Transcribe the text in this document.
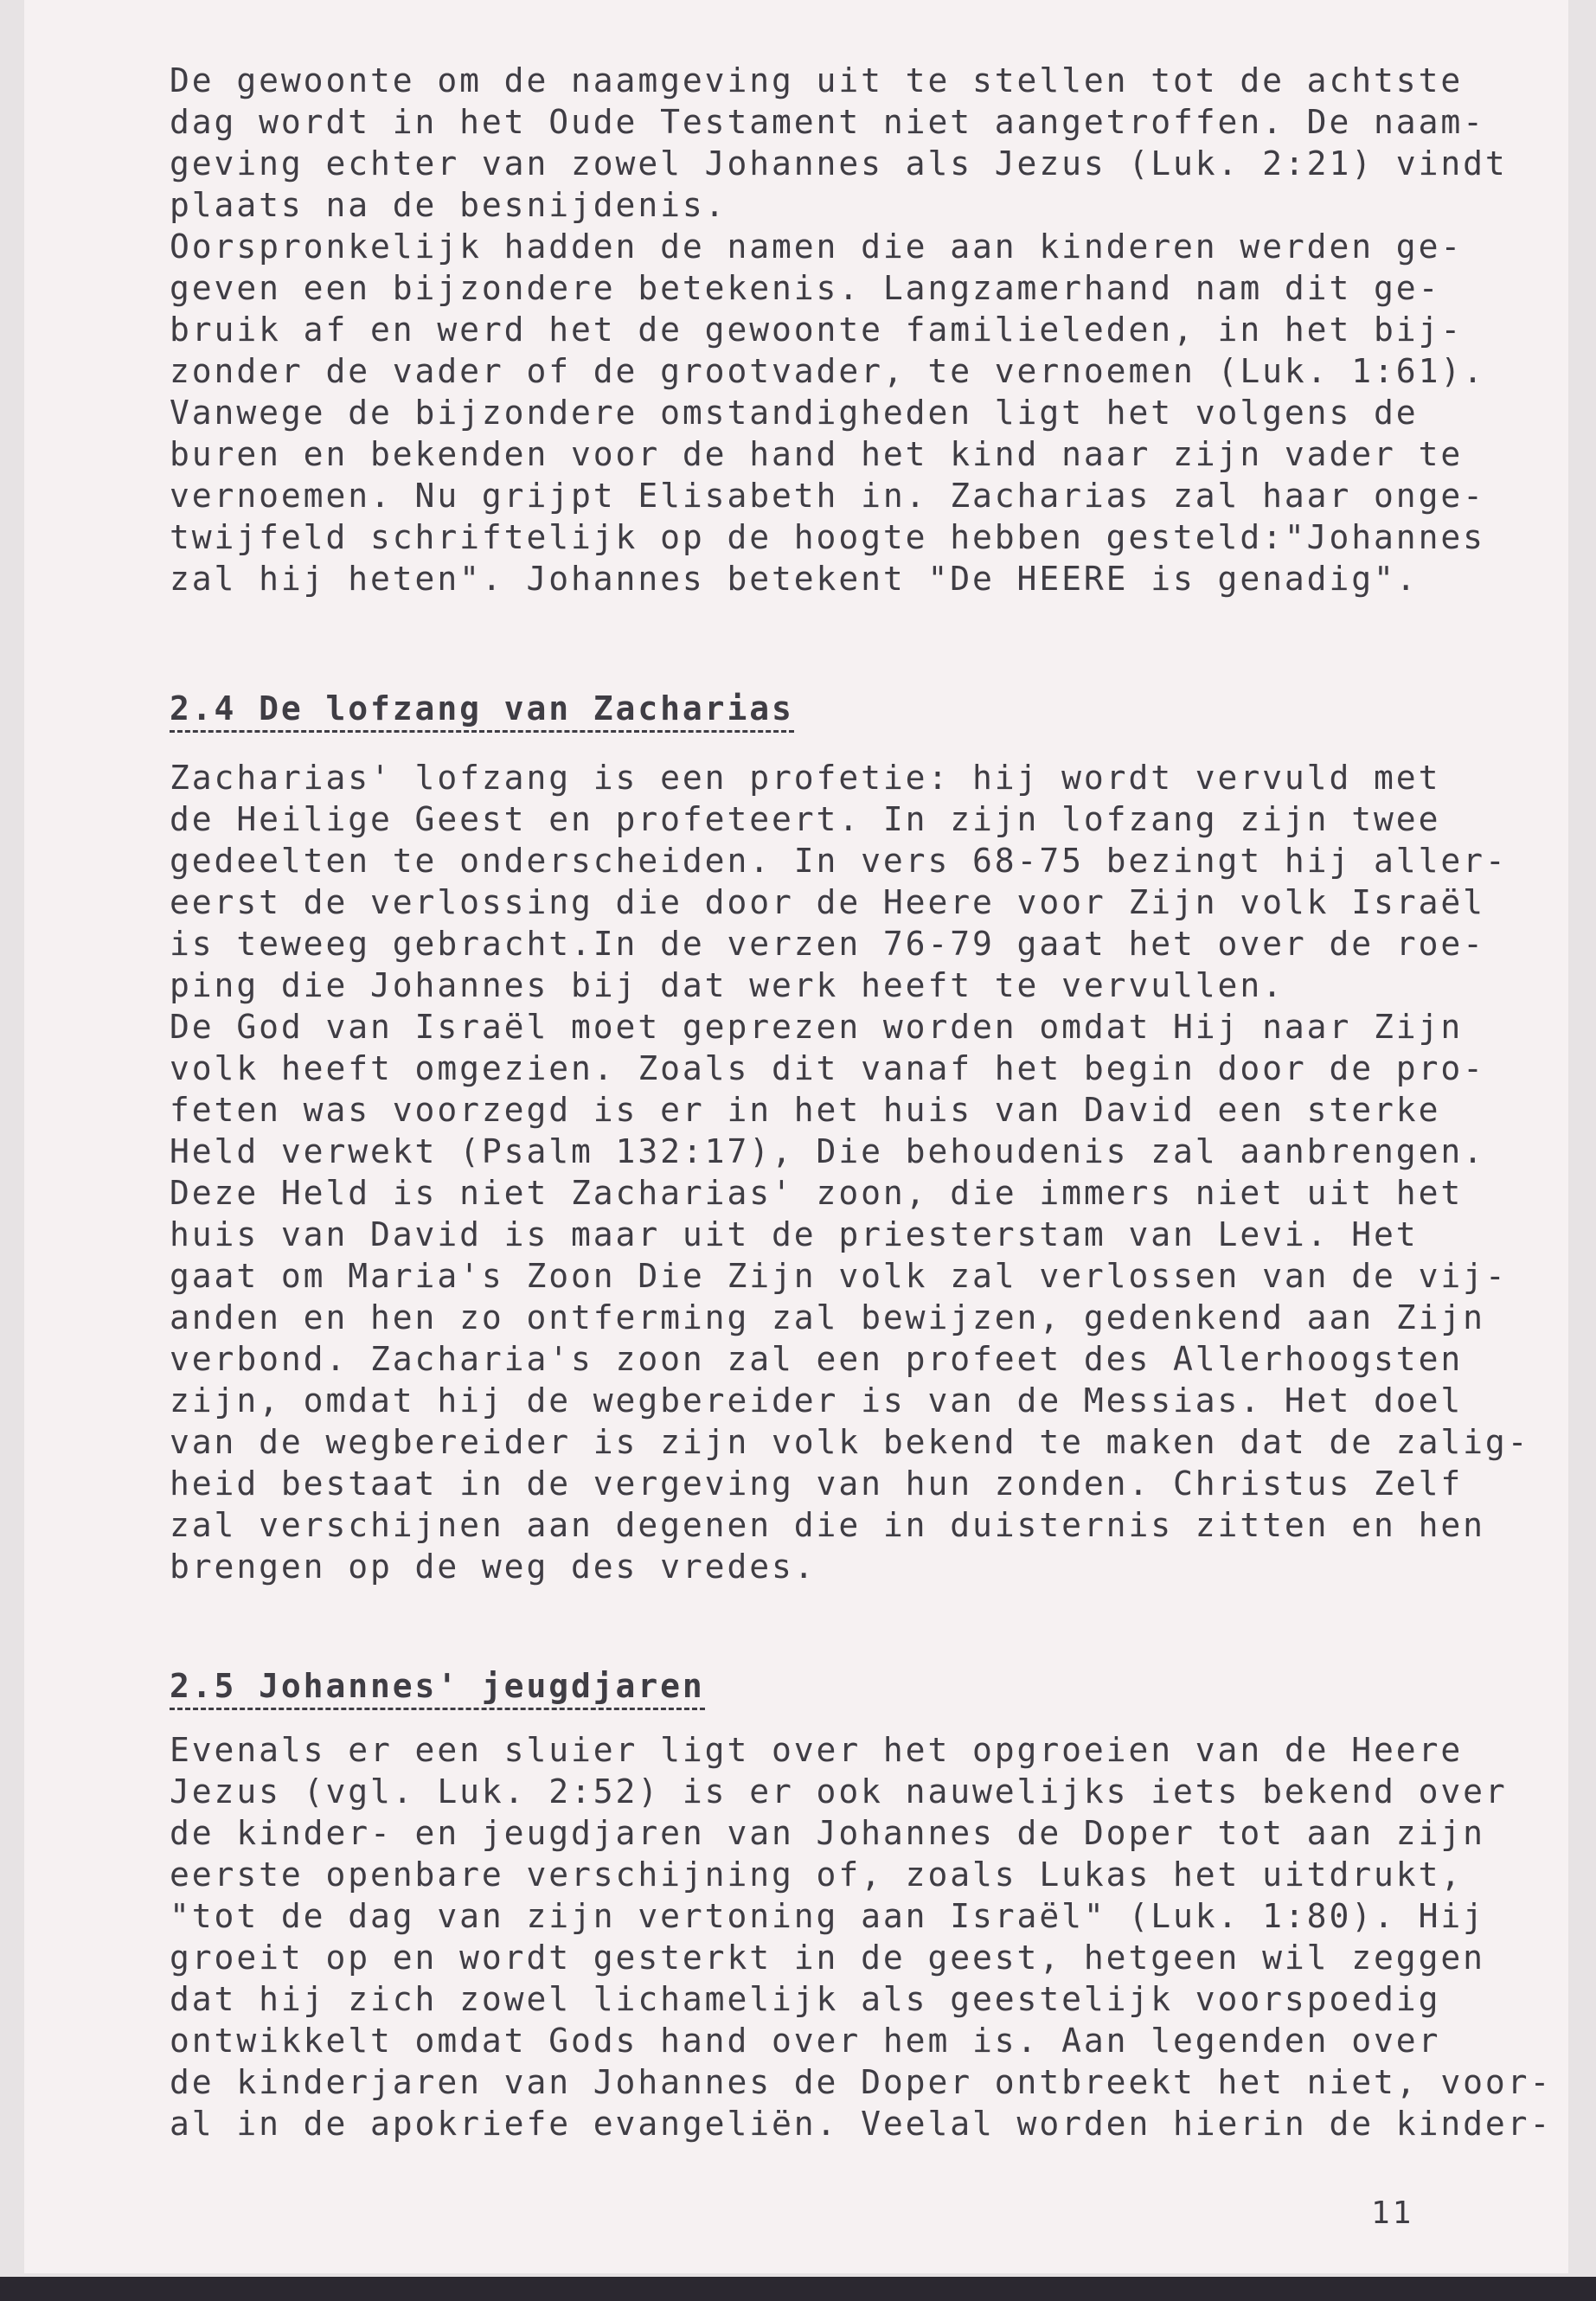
De gewoonte om de naamgeving uit te stellen tot de achtste

dag wordt in het Oude Testament niet aangetroffen. De naam-

geving echter van zowel Johannes als Jezus (Luk. 2:21) vindt

plaats na de besnijdenis.

Oorspronkelijk hadden de namen die aan kinderen werden ge-

geven een bijzondere betekenis. Langzamerhand nam dit ge-

bruik af en werd het de gewoonte familieleden, in het bij-

zonder de vader of de grootvader, te vernoemen (Luk. 1:61).

Vanwege de bijzondere omstandigheden ligt het volgens de

buren en bekenden voor de hand het kind naar zijn vader te

vernoemen. Nu grijpt Elisabeth in. Zacharias zal haar onge-

twijfeld schriftelijk op de hoogte hebben gesteld:"Johannes

zal hij heten". Johannes betekent "De HEERE is genadig".

2.4 De lofzang van Zacharias

Zacharias' lofzang is een profetie: hij wordt vervuld met

de Heilige Geest en profeteert. In zijn lofzang zijn twee

gedeelten te onderscheiden. In vers 68-75 bezingt hij aller-

eerst de verlossing die door de Heere voor Zijn volk Israël

is teweeg gebracht.In de verzen 76-79 gaat het over de roe-

ping die Johannes bij dat werk heeft te vervullen.

De God van Israël moet geprezen worden omdat Hij naar Zijn

volk heeft omgezien. Zoals dit vanaf het begin door de pro-

feten was voorzegd is er in het huis van David een sterke

Held verwekt (Psalm 132:17), Die behoudenis zal aanbrengen.

Deze Held is niet Zacharias' zoon, die immers niet uit het

huis van David is maar uit de priesterstam van Levi. Het

gaat om Maria's Zoon Die Zijn volk zal verlossen van de vij-

anden en hen zo ontferming zal bewijzen, gedenkend aan Zijn

verbond. Zacharia's zoon zal een profeet des Allerhoogsten

zijn, omdat hij de wegbereider is van de Messias. Het doel

van de wegbereider is zijn volk bekend te maken dat de zalig-

heid bestaat in de vergeving van hun zonden. Christus Zelf

zal verschijnen aan degenen die in duisternis zitten en hen

brengen op de weg des vredes.

2.5 Johannes' jeugdjaren

Evenals er een sluier ligt over het opgroeien van de Heere

Jezus (vgl. Luk. 2:52) is er ook nauwelijks iets bekend over

de kinder- en jeugdjaren van Johannes de Doper tot aan zijn

eerste openbare verschijning of, zoals Lukas het uitdrukt,

"tot de dag van zijn vertoning aan Israël" (Luk. 1:80). Hij

groeit op en wordt gesterkt in de geest, hetgeen wil zeggen

dat hij zich zowel lichamelijk als geestelijk voorspoedig

ontwikkelt omdat Gods hand over hem is. Aan legenden over

de kinderjaren van Johannes de Doper ontbreekt het niet, voor-

al in de apokriefe evangeliën. Veelal worden hierin de kinder-

11
